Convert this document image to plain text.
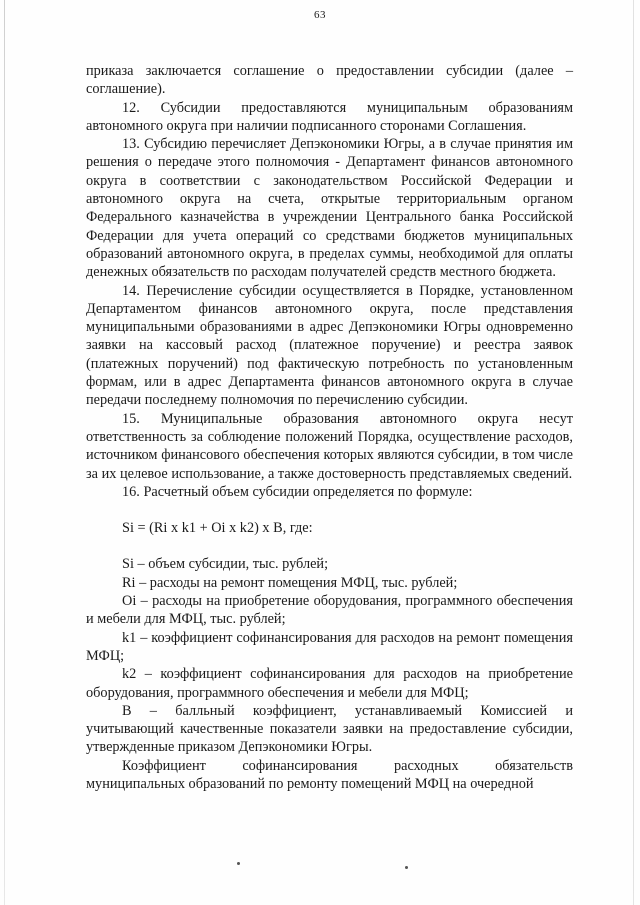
63

приказа заключается соглашение о предоставлении субсидии (далее – соглашение).

12. Субсидии предоставляются муниципальным образованиям автономного округа при наличии подписанного сторонами Соглашения.

13. Субсидию перечисляет Депэкономики Югры, а в случае принятия им решения о передаче этого полномочия - Департамент финансов автономного округа в соответствии с законодательством Российской Федерации и автономного округа на счета, открытые территориальным органом Федерального казначейства в учреждении Центрального банка Российской Федерации для учета операций со средствами бюджетов муниципальных образований автономного округа, в пределах суммы, необходимой для оплаты денежных обязательств по расходам получателей средств местного бюджета.

14. Перечисление субсидии осуществляется в Порядке, установленном Департаментом финансов автономного округа, после представления муниципальными образованиями в адрес Депэкономики Югры одновременно заявки на кассовый расход (платежное поручение) и реестра заявок (платежных поручений) под фактическую потребность по установленным формам, или в адрес Департамента финансов автономного округа в случае передачи последнему полномочия по перечислению субсидии.

15. Муниципальные образования автономного округа несут ответственность за соблюдение положений Порядка, осуществление расходов, источником финансового обеспечения которых являются субсидии, в том числе за их целевое использование, а также достоверность представляемых сведений.

16. Расчетный объем субсидии определяется по формуле:

Si = (Ri x k1 + Oi x k2) x B, где:

Si – объем субсидии, тыс. рублей;

Ri – расходы на ремонт помещения МФЦ, тыс. рублей;

Oi – расходы на приобретение оборудования, программного обеспечения и мебели для МФЦ, тыс. рублей;

k1 – коэффициент софинансирования для расходов на ремонт помещения МФЦ;

k2 – коэффициент софинансирования для расходов на приобретение оборудования, программного обеспечения и мебели для МФЦ;

B – балльный коэффициент, устанавливаемый Комиссией и учитывающий качественные показатели заявки на предоставление субсидии, утвержденные приказом Депэкономики Югры.

Коэффициент софинансирования расходных обязательств муниципальных образований по ремонту помещений МФЦ на очередной
